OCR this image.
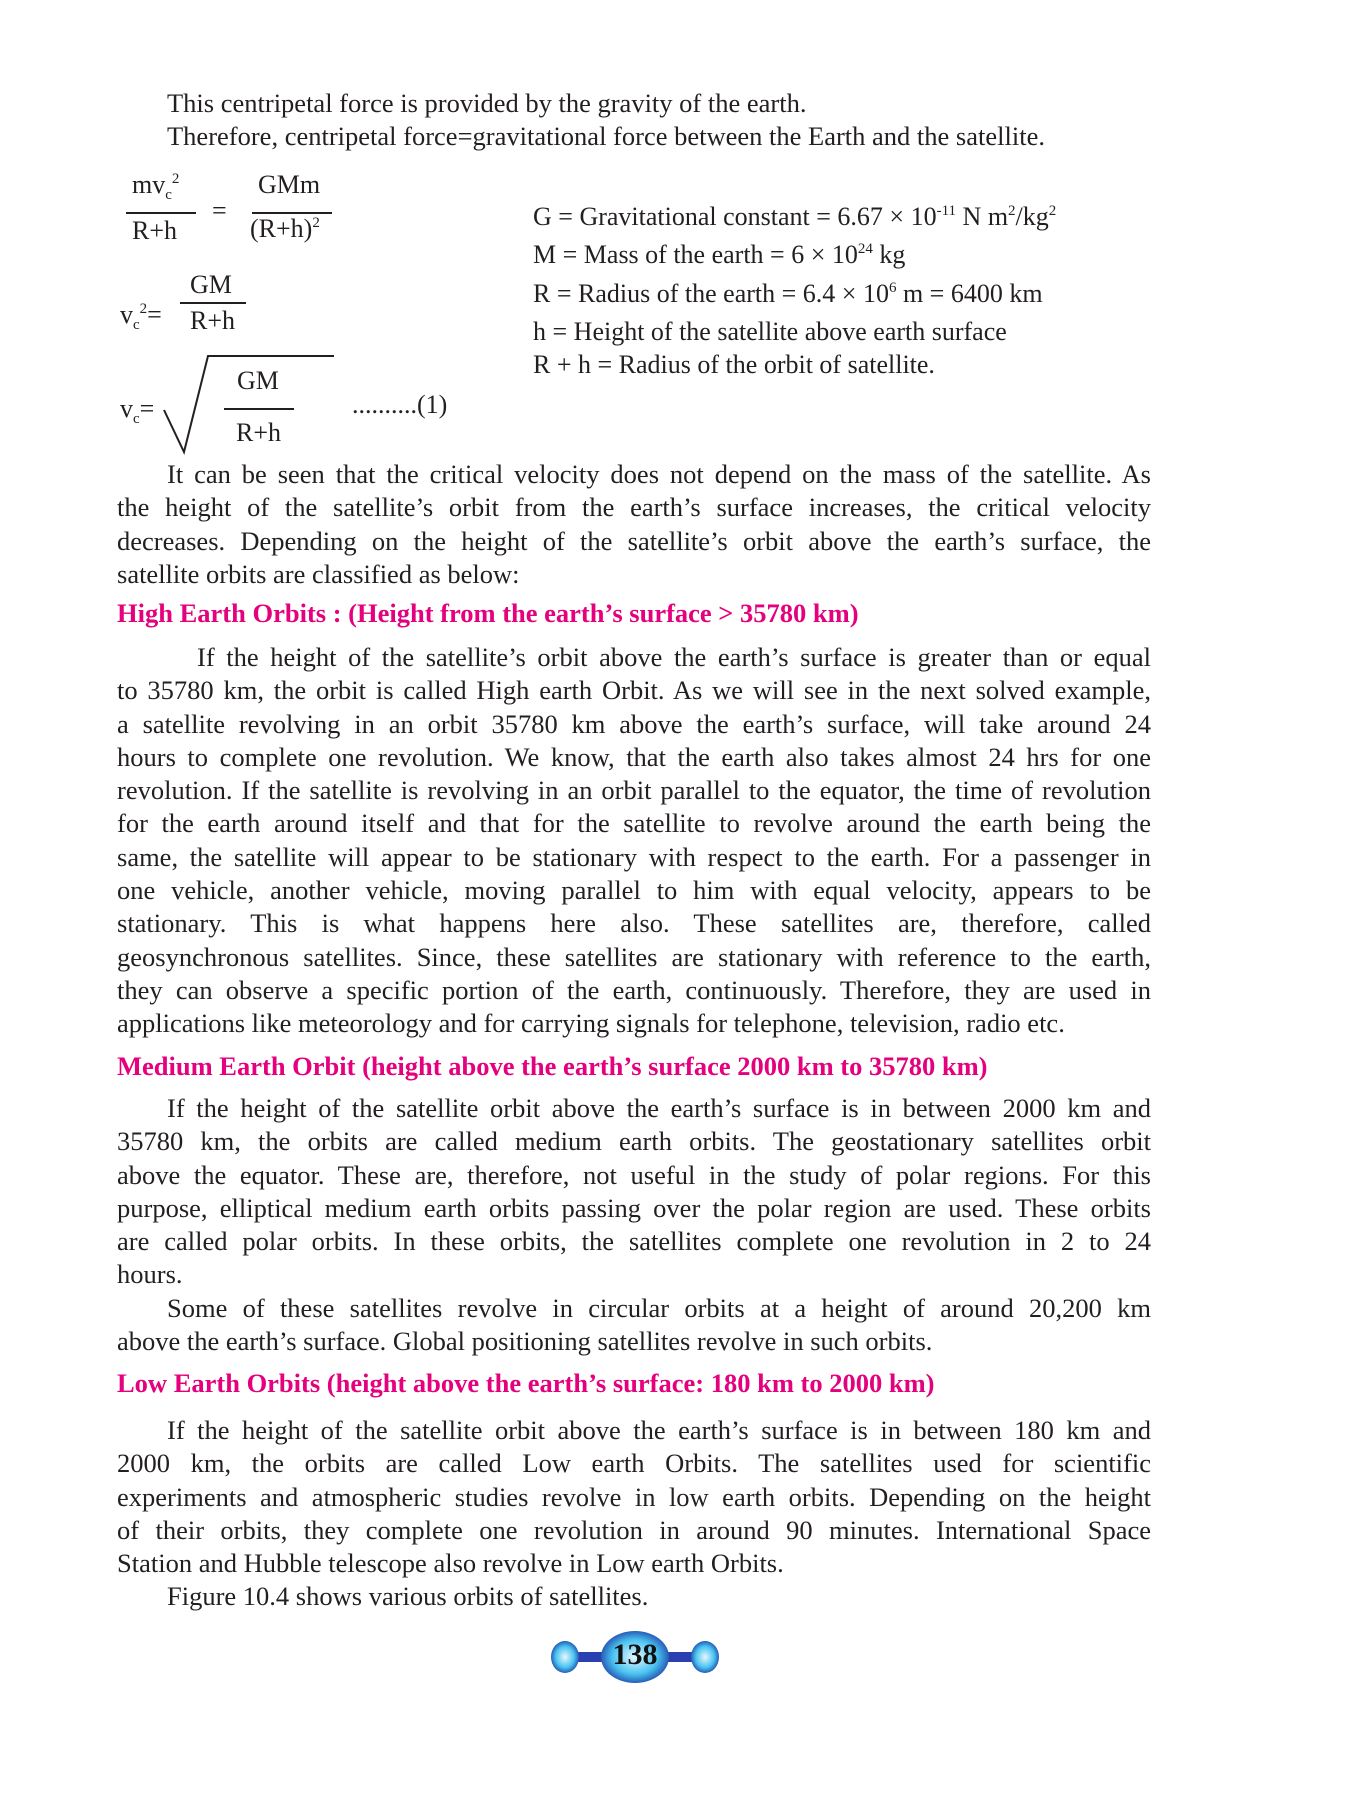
This centripetal force is provided by the gravity of the earth.
Therefore, centripetal force=gravitational force between the Earth and the satellite.
$mv_c^2$
R+h
=
GMm
$(R+h)^2$
$v_c^2=$
GM
R+h
$v_c=$
GM
R+h
..........(1)
G = Gravitational constant = $6.67 \times 10^{-11}$ N $m^2/kg^2$
M = Mass of the earth = $6 \times 10^{24}$ kg
R = Radius of the earth = $6.4 \times 10^6$ m = 6400 km
h = Height of the satellite above earth surface
R + h = Radius of the orbit of satellite.
It can be seen that the critical velocity does not depend on the mass of the satellite. As
the height of the satellite’s orbit from the earth’s surface increases, the critical velocity
decreases. Depending on the height of the satellite’s orbit above the earth’s surface, the
satellite orbits are classified as below:
High Earth Orbits : (Height from the earth’s surface > 35780 km)
If the height of the satellite’s orbit above the earth’s surface is greater than or equal
to 35780 km, the orbit is called High earth Orbit. As we will see in the next solved example,
a satellite revolving in an orbit 35780 km above the earth’s surface, will take around 24
hours to complete one revolution. We know, that the earth also takes almost 24 hrs for one
revolution. If the satellite is revolving in an orbit parallel to the equator, the time of revolution
for the earth around itself and that for the satellite to revolve around the earth being the
same, the satellite will appear to be stationary with respect to the earth. For a passenger in
one vehicle, another vehicle, moving parallel to him with equal velocity, appears to be
stationary. This is what happens here also. These satellites are, therefore, called
geosynchronous satellites. Since, these satellites are stationary with reference to the earth,
they can observe a specific portion of the earth, continuously. Therefore, they are used in
applications like meteorology and for carrying signals for telephone, television, radio etc.
Medium Earth Orbit (height above the earth’s surface 2000 km to 35780 km)
If the height of the satellite orbit above the earth’s surface is in between 2000 km and
35780 km, the orbits are called medium earth orbits. The geostationary satellites orbit
above the equator. These are, therefore, not useful in the study of polar regions. For this
purpose, elliptical medium earth orbits passing over the polar region are used. These orbits
are called polar orbits. In these orbits, the satellites complete one revolution in 2 to 24
hours.
Some of these satellites revolve in circular orbits at a height of around 20,200 km
above the earth’s surface. Global positioning satellites revolve in such orbits.
Low Earth Orbits (height above the earth’s surface: 180 km to 2000 km)
If the height of the satellite orbit above the earth’s surface is in between 180 km and
2000 km, the orbits are called Low earth Orbits. The satellites used for scientific
experiments and atmospheric studies revolve in low earth orbits. Depending on the height
of their orbits, they complete one revolution in around 90 minutes. International Space
Station and Hubble telescope also revolve in Low earth Orbits.
Figure 10.4 shows various orbits of satellites.
138
